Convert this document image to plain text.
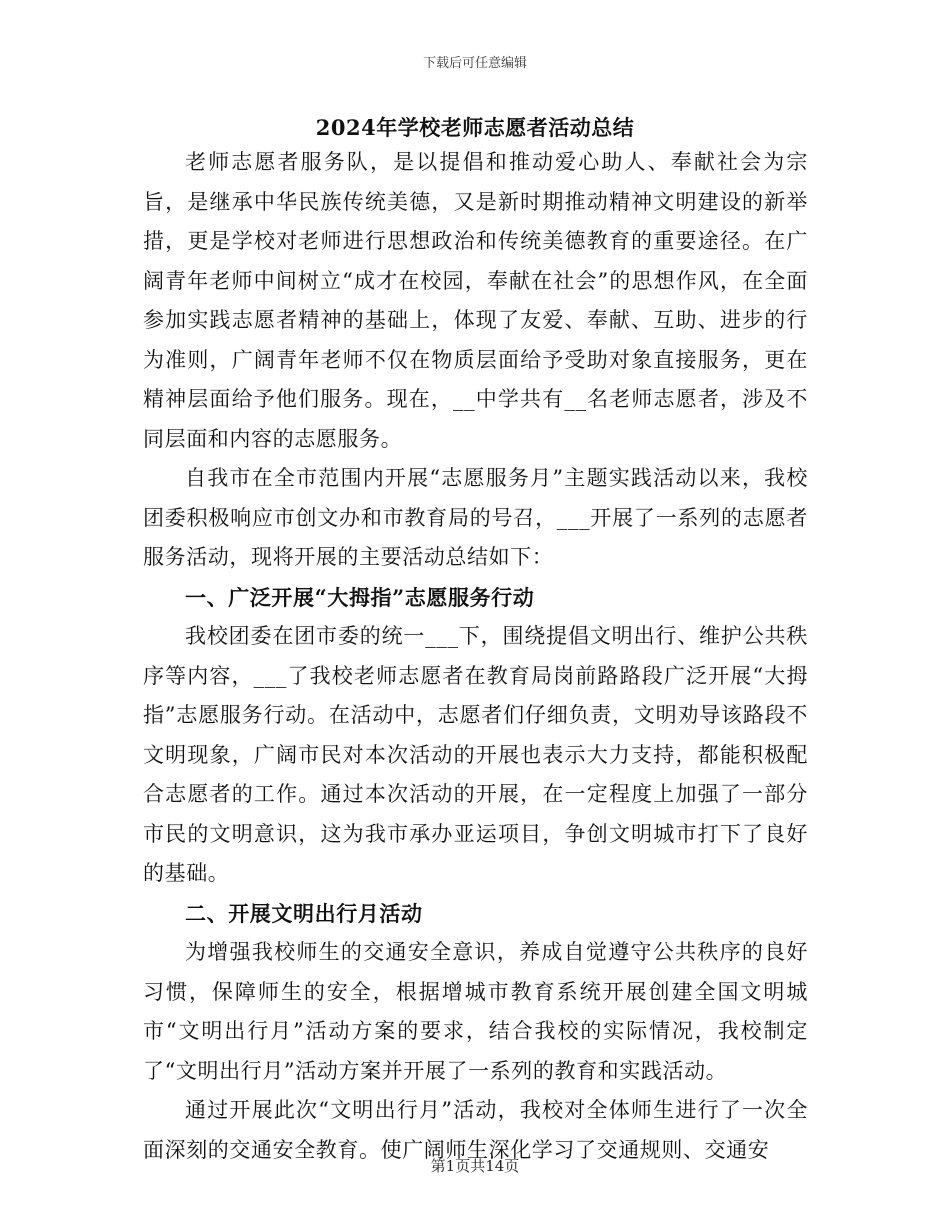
下载后可任意编辑
2024年学校老师志愿者活动总结

老师志愿者服务队，是以提倡和推动爱心助人、奉献社会为宗旨，是继承中华民族传统美德，又是新时期推动精神文明建设的新举措，更是学校对老师进行思想政治和传统美德教育的重要途径。在广阔青年老师中间树立“成才在校园，奉献在社会”的思想作风，在全面参加实践志愿者精神的基础上，体现了友爱、奉献、互助、进步的行为准则，广阔青年老师不仅在物质层面给予受助对象直接服务，更在精神层面给予他们服务。现在，__中学共有__名老师志愿者，涉及不同层面和内容的志愿服务。

自我市在全市范围内开展“志愿服务月”主题实践活动以来，我校团委积极响应市创文办和市教育局的号召，___开展了一系列的志愿者服务活动，现将开展的主要活动总结如下：

一、广泛开展“大拇指”志愿服务行动

我校团委在团市委的统一___下，围绕提倡文明出行、维护公共秩序等内容，___了我校老师志愿者在教育局岗前路路段广泛开展“大拇指”志愿服务行动。在活动中，志愿者们仔细负责，文明劝导该路段不文明现象，广阔市民对本次活动的开展也表示大力支持，都能积极配合志愿者的工作。通过本次活动的开展，在一定程度上加强了一部分市民的文明意识，这为我市承办亚运项目，争创文明城市打下了良好的基础。

二、开展文明出行月活动

为增强我校师生的交通安全意识，养成自觉遵守公共秩序的良好习惯，保障师生的安全，根据增城市教育系统开展创建全国文明城市“文明出行月”活动方案的要求，结合我校的实际情况，我校制定了“文明出行月”活动方案并开展了一系列的教育和实践活动。

通过开展此次“文明出行月”活动，我校对全体师生进行了一次全面深刻的交通安全教育。使广阔师生深化学习了交通规则、交通安

第1页共14页
